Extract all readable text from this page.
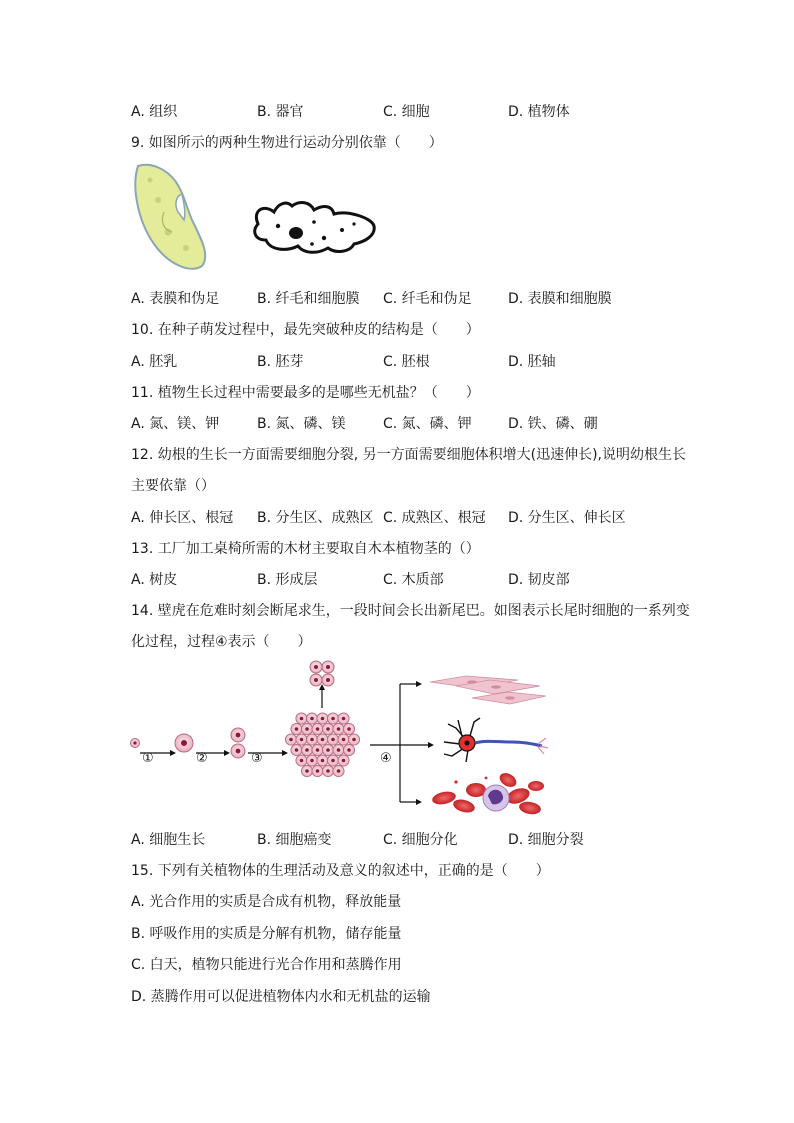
A. 组织	B. 器官	C. 细胞	D. 植物体
9. 如图所示的两种生物进行运动分别依靠（　　）
A. 表膜和伪足	B. 纤毛和细胞膜 C. 纤毛和伪足	D. 表膜和细胞膜
10. 在种子萌发过程中，最先突破种皮的结构是（　　）
A. 胚乳	B. 胚芽	C. 胚根	D. 胚轴
11. 植物生长过程中需要最多的是哪些无机盐？（　　）
A. 氮、镁、钾	B. 氮、磷、镁	C. 氮、磷、钾	D. 铁、磷、硼
12. 幼根的生长一方面需要细胞分裂, 另一方面需要细胞体积增大(迅速伸长),说明幼根生长
主要依靠（）
A. 伸长区、根冠 B. 分生区、成熟区 C. 成熟区、根冠 D. 分生区、伸长区
13. 工厂加工桌椅所需的木材主要取自木本植物茎的（）
A. 树皮	B. 形成层	C. 木质部	D. 韧皮部
14. 壁虎在危难时刻会断尾求生，一段时间会长出新尾巴。如图表示长尾时细胞的一系列变
化过程，过程④表示（　　）
①	②	③	④
A. 细胞生长	B. 细胞癌变	C. 细胞分化	D. 细胞分裂
15. 下列有关植物体的生理活动及意义的叙述中，正确的是（　　）
A. 光合作用的实质是合成有机物，释放能量
B. 呼吸作用的实质是分解有机物，储存能量
C. 白天，植物只能进行光合作用和蒸腾作用
D. 蒸腾作用可以促进植物体内水和无机盐的运输
